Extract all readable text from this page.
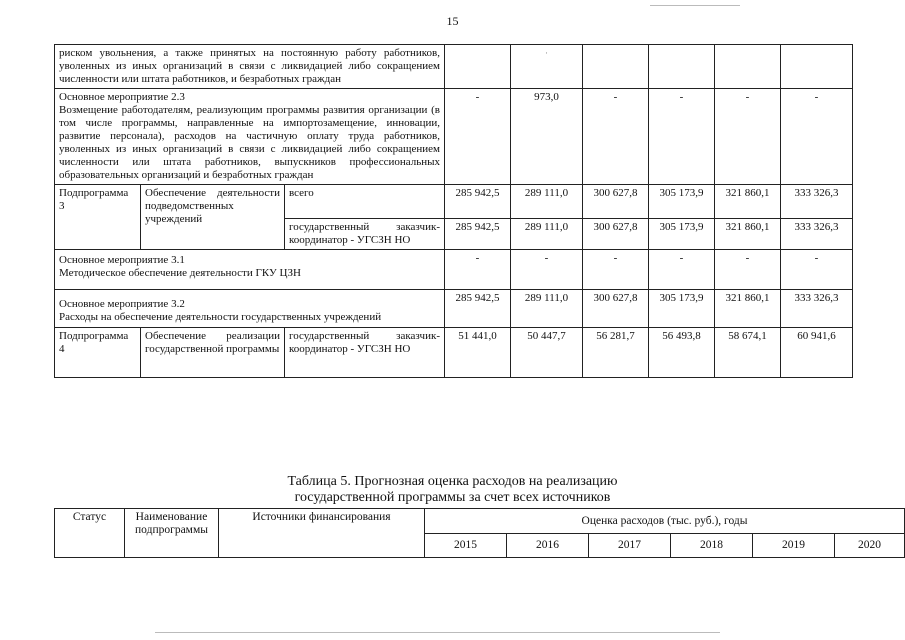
15
риском увольнения, а также принятых на постоянную работу работников, уволенных из иных организаций в связи с ликвидацией либо сокращением численности или штата работников, и безработных граждан				·				

Основное мероприятие 2.3
Возмещение работодателям, реализующим программы развития организации (в том числе программы, направленные на импортозамещение, инновации, развитие персонала), расходов на частичную оплату труда работников, уволенных из иных организаций в связи с ликвидацией либо сокращением численности или штата работников, выпускников профессиональных образовательных организаций и безработных граждан			-	973,0	-	-	-	-
Подпрограмма 3	Обеспечение деятельности подведомственных учреждений	всего	285 942,5	289 111,0	300 627,8	305 173,9	321 860,1	333 326,3
		государственный заказчик-координатор - УГСЗН НО	285 942,5	289 111,0	300 627,8	305 173,9	321 860,1	333 326,3

Основное мероприятие 3.1
Методическое обеспечение деятельности ГКУ ЦЗН			-	-	-	-	-	-

Основное мероприятие 3.2
Расходы на обеспечение деятельности государственных учреждений			285 942,5	289 111,0	300 627,8	305 173,9	321 860,1	333 326,3
Подпрограмма 4	Обеспечение реализации государственной программы	государственный заказчик-координатор - УГСЗН НО	51 441,0	50 447,7	56 281,7	56 493,8	58 674,1	60 941,6
Таблица 5. Прогнозная оценка расходов на реализацию
государственной программы за счет всех источников
Статус	Наименование подпрограммы	Источники финансирования	Оценка расходов (тыс. руб.), годы					
			2015	2016	2017	2018	2019	2020
